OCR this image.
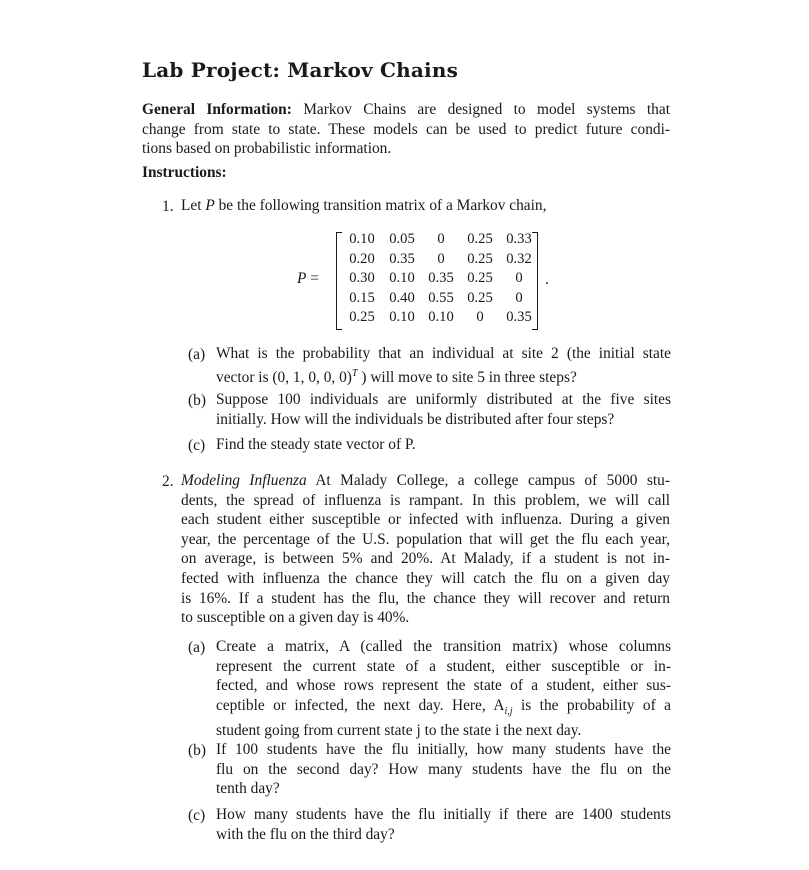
Lab Project: Markov Chains
General Information: Markov Chains are designed to model systems that
change from state to state. These models can be used to predict future condi-
tions based on probabilistic information.
Instructions:
1. Let P be the following transition matrix of a Markov chain,
P =
0.10 0.05	0	0.25 0.33
0.20 0.35	0	0.25 0.32
0.30 0.10 0.35 0.25	0
0.15 0.40 0.55 0.25	0
0.25 0.10 0.10	0	0.35
.
(a) What is the probability that an individual at site 2 (the initial state
vector is (0, 1, 0, 0, 0)$^T$ ) will move to site 5 in three steps?
(b) Suppose 100 individuals are uniformly distributed at the five sites
initially. How will the individuals be distributed after four steps?
(c) Find the steady state vector of P.
2. Modeling Influenza At Malady College, a college campus of 5000 stu-
dents, the spread of influenza is rampant. In this problem, we will call
each student either susceptible or infected with influenza. During a given
year, the percentage of the U.S. population that will get the flu each year,
on average, is between 5% and 20%. At Malady, if a student is not in-
fected with influenza the chance they will catch the flu on a given day
is 16%. If a student has the flu, the chance they will recover and return
to susceptible on a given day is 40%.
(a) Create a matrix, A (called the transition matrix) whose columns
represent the current state of a student, either susceptible or in-
fected, and whose rows represent the state of a student, either sus-
ceptible or infected, the next day. Here, $A_{i,j}$ is the probability of a
student going from current state j to the state i the next day.
(b) If 100 students have the flu initially, how many students have the
flu on the second day? How many students have the flu on the
tenth day?
(c) How many students have the flu initially if there are 1400 students
with the flu on the third day?
